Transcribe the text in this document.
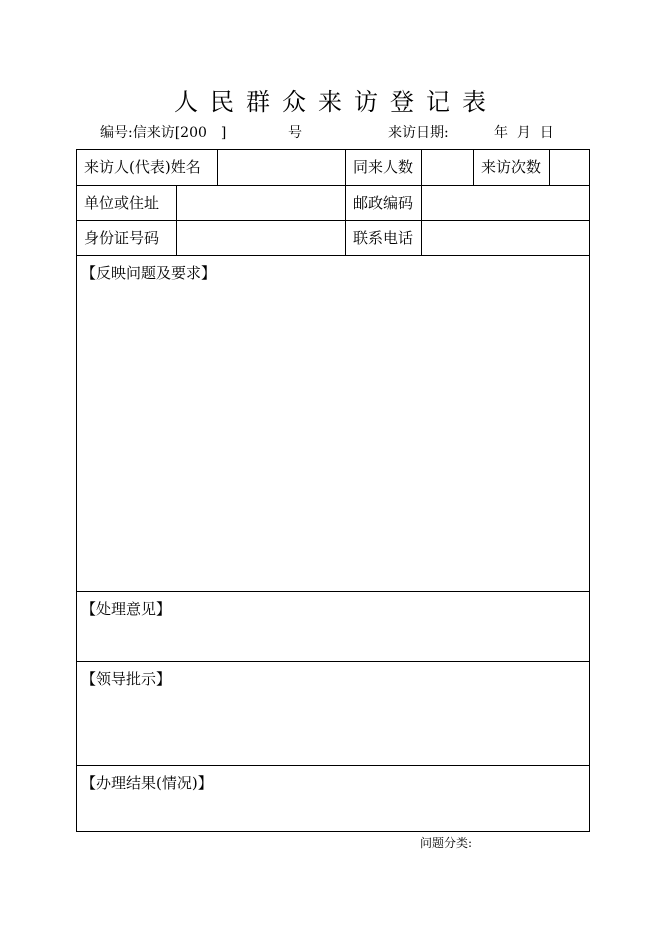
人民群众来访登记表
编号:信来访[200　]	号	来访日期:	年  月  日
来访人(代表)姓名	同来人数	来访次数
单位或住址	邮政编码
身份证号码	联系电话
【反映问题及要求】
【处理意见】
【领导批示】
【办理结果(情况)】
问题分类:
